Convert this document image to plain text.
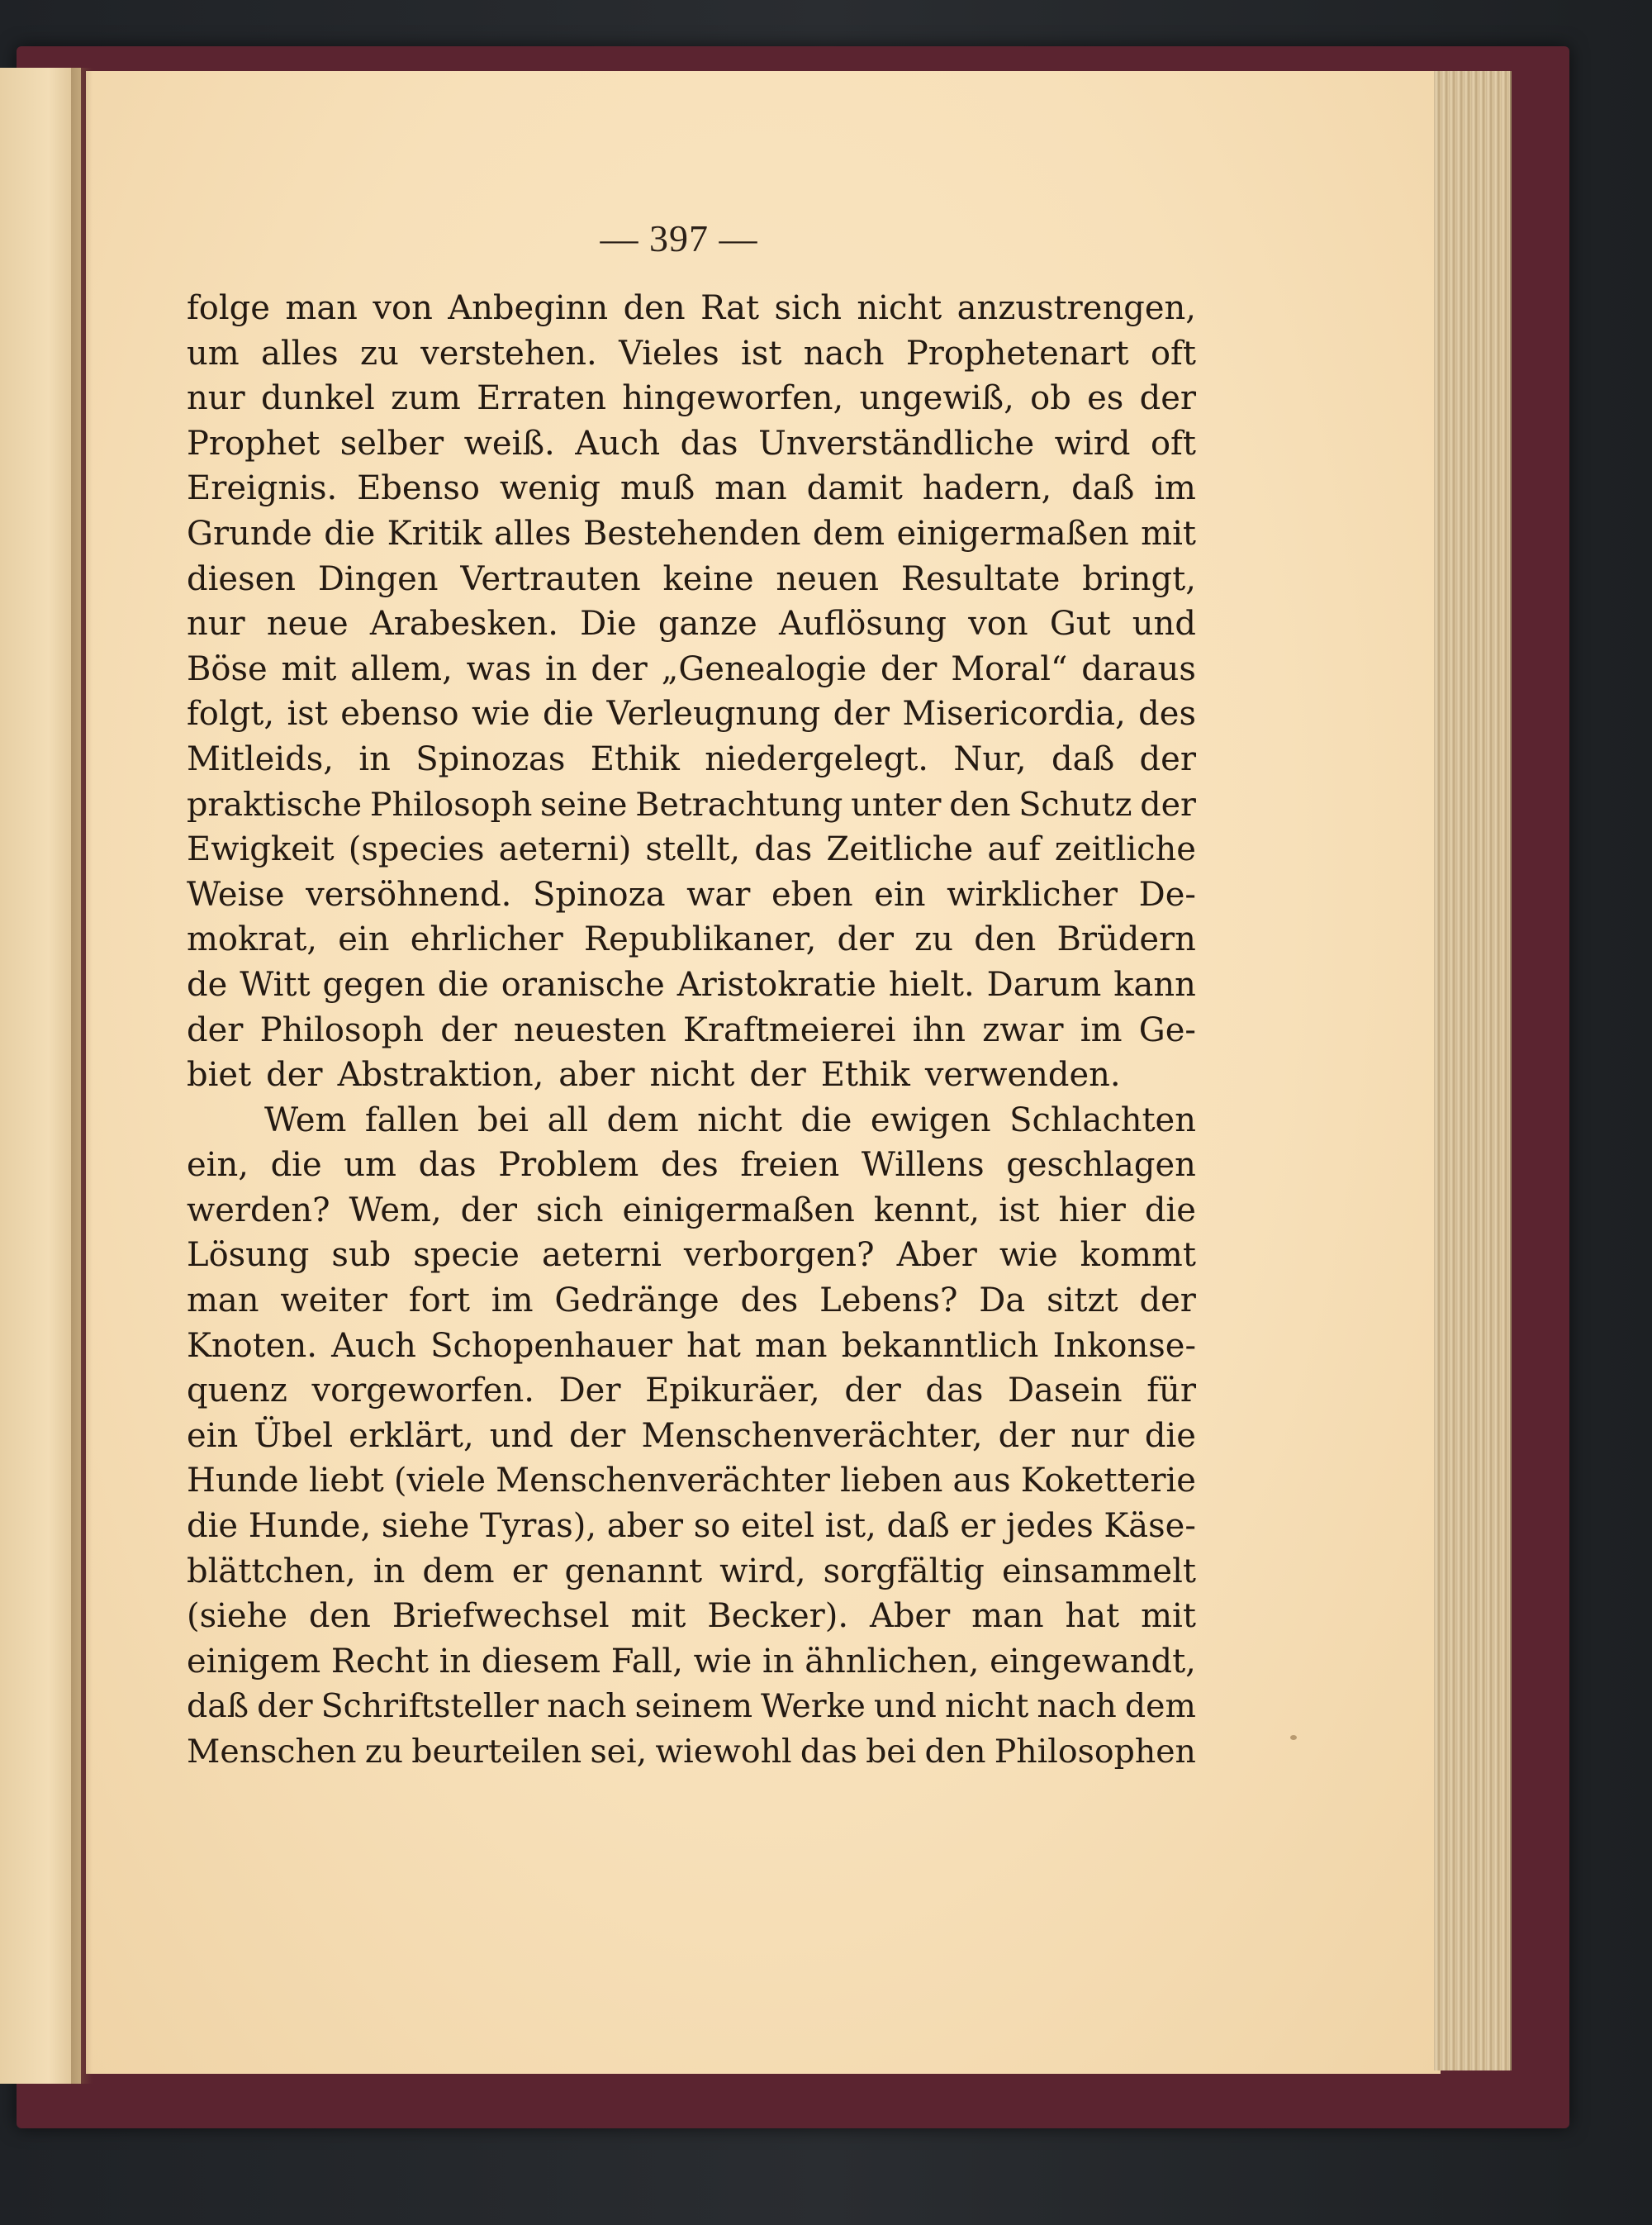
— 397 —
folge man von Anbeginn den Rat sich nicht anzustrengen,
um alles zu verstehen. Vieles ist nach Prophetenart oft
nur dunkel zum Erraten hingeworfen, ungewiß, ob es der
Prophet selber weiß. Auch das Unverständliche wird oft
Ereignis. Ebenso wenig muß man damit hadern, daß im
Grunde die Kritik alles Bestehenden dem einigermaßen mit
diesen Dingen Vertrauten keine neuen Resultate bringt,
nur neue Arabesken. Die ganze Auflösung von Gut und
Böse mit allem, was in der „Genealogie der Moral“ daraus
folgt, ist ebenso wie die Verleugnung der Misericordia, des
Mitleids, in Spinozas Ethik niedergelegt. Nur, daß der
praktische Philosoph seine Betrachtung unter den Schutz der
Ewigkeit (species aeterni) stellt, das Zeitliche auf zeitliche
Weise versöhnend. Spinoza war eben ein wirklicher De-
mokrat, ein ehrlicher Republikaner, der zu den Brüdern
de Witt gegen die oranische Aristokratie hielt. Darum kann
der Philosoph der neuesten Kraftmeierei ihn zwar im Ge-
biet der Abstraktion, aber nicht der Ethik verwenden.
Wem fallen bei all dem nicht die ewigen Schlachten
ein, die um das Problem des freien Willens geschlagen
werden? Wem, der sich einigermaßen kennt, ist hier die
Lösung sub specie aeterni verborgen? Aber wie kommt
man weiter fort im Gedränge des Lebens? Da sitzt der
Knoten. Auch Schopenhauer hat man bekanntlich Inkonse-
quenz vorgeworfen. Der Epikuräer, der das Dasein für
ein Übel erklärt, und der Menschenverächter, der nur die
Hunde liebt (viele Menschenverächter lieben aus Koketterie
die Hunde, siehe Tyras), aber so eitel ist, daß er jedes Käse-
blättchen, in dem er genannt wird, sorgfältig einsammelt
(siehe den Briefwechsel mit Becker). Aber man hat mit
einigem Recht in diesem Fall, wie in ähnlichen, eingewandt,
daß der Schriftsteller nach seinem Werke und nicht nach dem
Menschen zu beurteilen sei, wiewohl das bei den Philosophen
